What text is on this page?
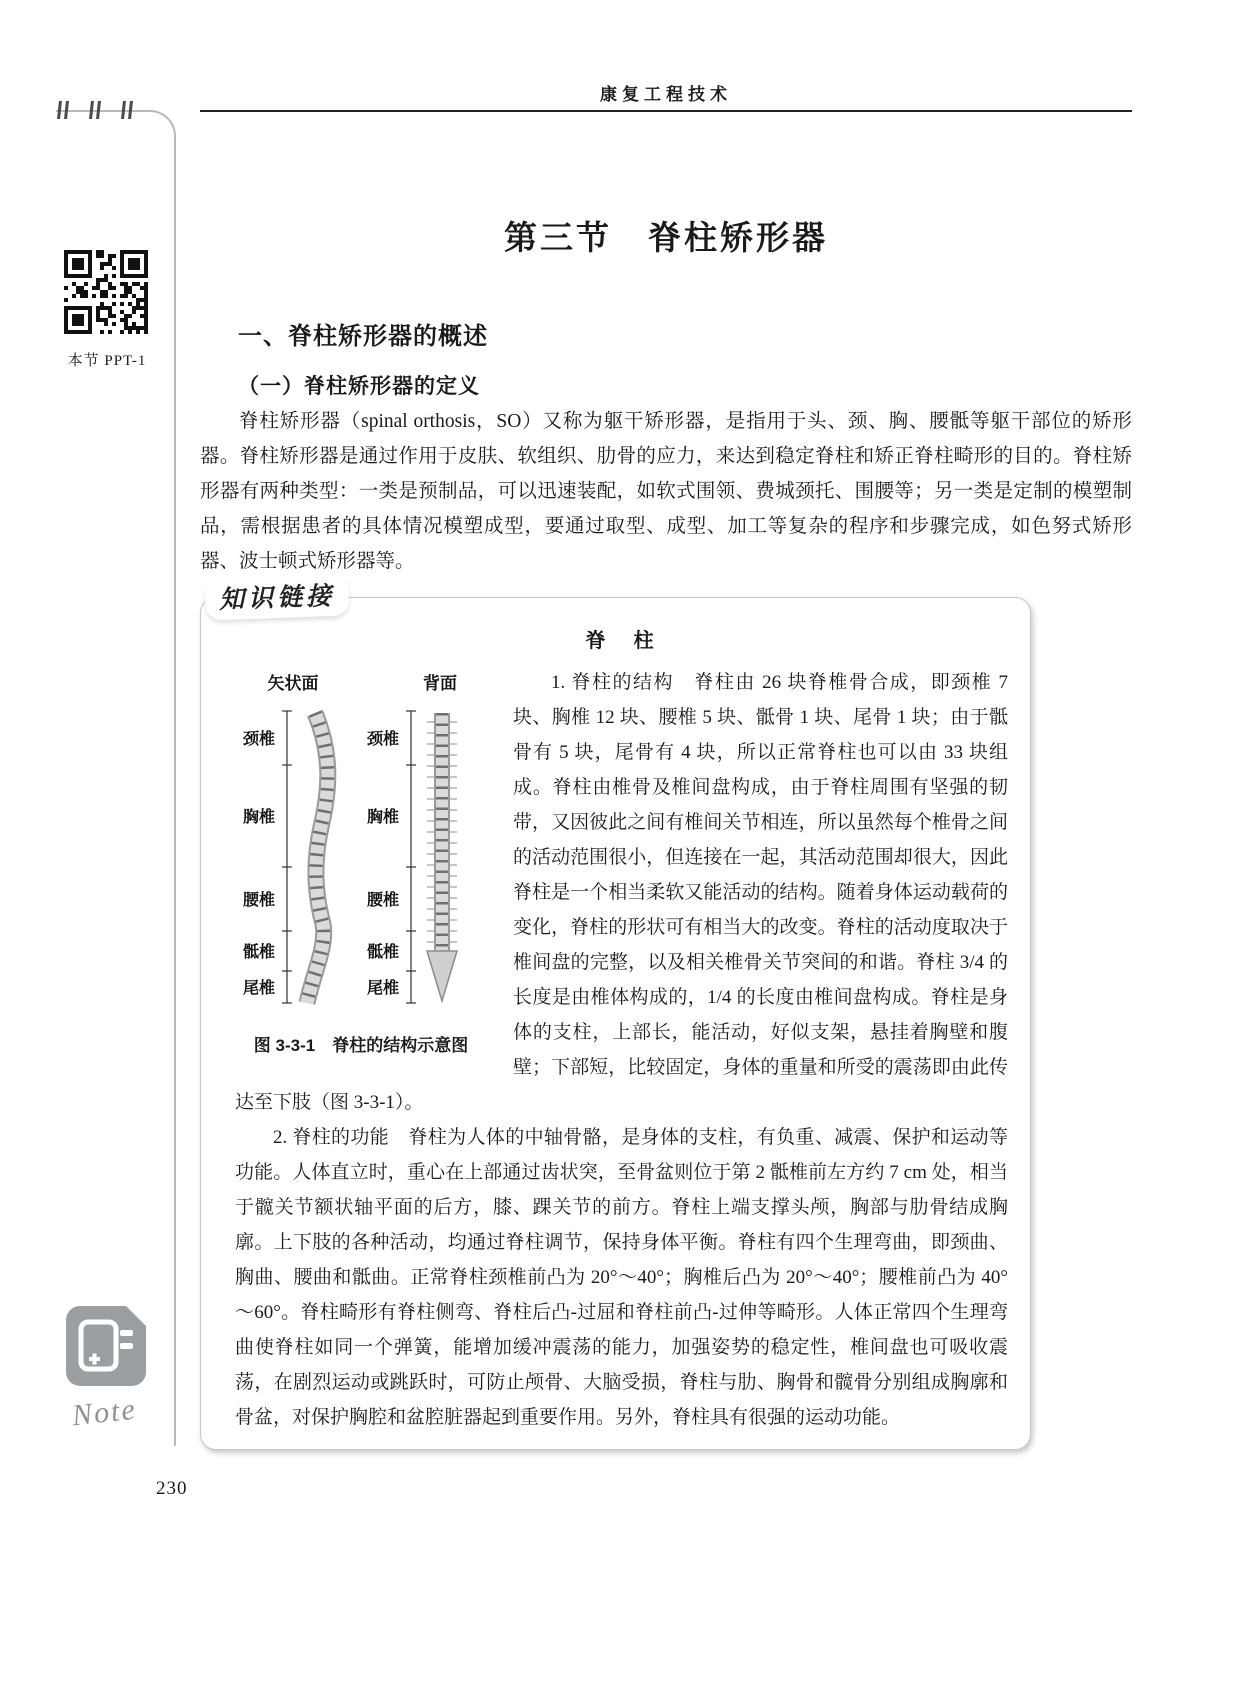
康复工程技术
本节 PPT-1
第三节　脊柱矫形器
一、脊柱矫形器的概述
（一）脊柱矫形器的定义

脊柱矫形器（spinal orthosis，SO）又称为躯干矫形器，是指用于头、颈、胸、腰骶等躯干部位的矫形器。脊柱矫形器是通过作用于皮肤、软组织、肋骨的应力，来达到稳定脊柱和矫正脊柱畸形的目的。脊柱矫形器有两种类型：一类是预制品，可以迅速装配，如软式围领、费城颈托、围腰等；另一类是定制的模塑制品，需根据患者的具体情况模塑成型，要通过取型、成型、加工等复杂的程序和步骤完成，如色努式矫形器、波士顿式矫形器等。

知识链接
脊　柱
矢状面	背面
颈椎
胸椎
腰椎
骶椎
尾椎
颈椎
胸椎
腰椎
骶椎
尾椎
图 3-3-1　脊柱的结构示意图

1. 脊柱的结构　脊柱由 26 块脊椎骨合成，即颈椎 7 块、胸椎 12 块、腰椎 5 块、骶骨 1 块、尾骨 1 块；由于骶骨有 5 块，尾骨有 4 块，所以正常脊柱也可以由 33 块组成。脊柱由椎骨及椎间盘构成，由于脊柱周围有坚强的韧带，又因彼此之间有椎间关节相连，所以虽然每个椎骨之间的活动范围很小，但连接在一起，其活动范围却很大，因此脊柱是一个相当柔软又能活动的结构。随着身体运动载荷的变化，脊柱的形状可有相当大的改变。脊柱的活动度取决于椎间盘的完整，以及相关椎骨关节突间的和谐。脊柱 3/4 的长度是由椎体构成的，1/4 的长度由椎间盘构成。脊柱是身体的支柱，上部长，能活动，好似支架，悬挂着胸壁和腹壁；下部短，比较固定，身体的重量和所受的震荡即由此传达至下肢（图 3-3-1）。

2. 脊柱的功能　脊柱为人体的中轴骨骼，是身体的支柱，有负重、减震、保护和运动等功能。人体直立时，重心在上部通过齿状突，至骨盆则位于第 2 骶椎前左方约 7 cm 处，相当于髋关节额状轴平面的后方，膝、踝关节的前方。脊柱上端支撑头颅，胸部与肋骨结成胸廓。上下肢的各种活动，均通过脊柱调节，保持身体平衡。脊柱有四个生理弯曲，即颈曲、胸曲、腰曲和骶曲。正常脊柱颈椎前凸为 20°～40°；胸椎后凸为 20°～40°；腰椎前凸为 40°～60°。脊柱畸形有脊柱侧弯、脊柱后凸-过屈和脊柱前凸-过伸等畸形。人体正常四个生理弯曲使脊柱如同一个弹簧，能增加缓冲震荡的能力，加强姿势的稳定性，椎间盘也可吸收震荡，在剧烈运动或跳跃时，可防止颅骨、大脑受损，脊柱与肋、胸骨和髋骨分别组成胸廓和骨盆，对保护胸腔和盆腔脏器起到重要作用。另外，脊柱具有很强的运动功能。

Note
230
